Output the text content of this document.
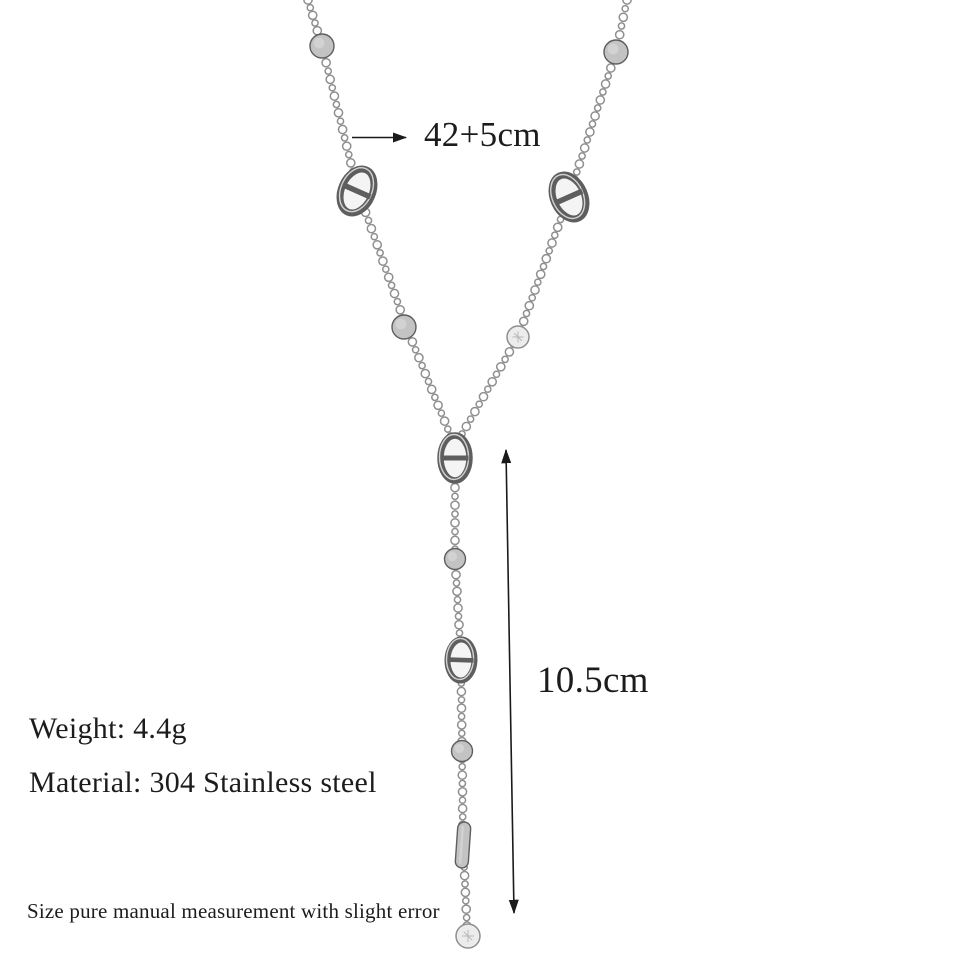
42+5cm
10.5cm
Weight: 4.4g
Material: 304 Stainless steel
Size pure manual measurement with slight error
